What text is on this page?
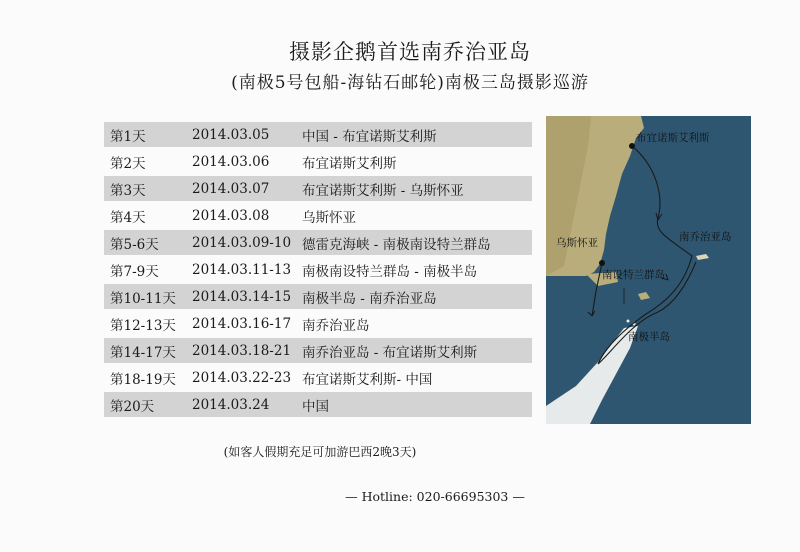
摄影企鹅首选南乔治亚岛
(南极5号包船-海钻石邮轮)南极三岛摄影巡游
第1天	2014.03.05	中国 - 布宜诺斯艾利斯
第2天	2014.03.06	布宜诺斯艾利斯
第3天	2014.03.07	布宜诺斯艾利斯 - 乌斯怀亚
第4天	2014.03.08	乌斯怀亚
第5-6天	2014.03.09-10	德雷克海峡 - 南极南设特兰群岛
第7-9天	2014.03.11-13	南极南设特兰群岛 - 南极半岛
第10-11天	2014.03.14-15	南极半岛 - 南乔治亚岛
第12-13天	2014.03.16-17	南乔治亚岛
第14-17天	2014.03.18-21	南乔治亚岛 - 布宜诺斯艾利斯
第18-19天	2014.03.22-23	布宜诺斯艾利斯- 中国
第20天	2014.03.24	中国
布宜诺斯艾利斯
乌斯怀亚	南乔治亚岛
南设特兰群岛
南极半岛
(如客人假期充足可加游巴西2晚3天)
— Hotline: 020-66695303 —
